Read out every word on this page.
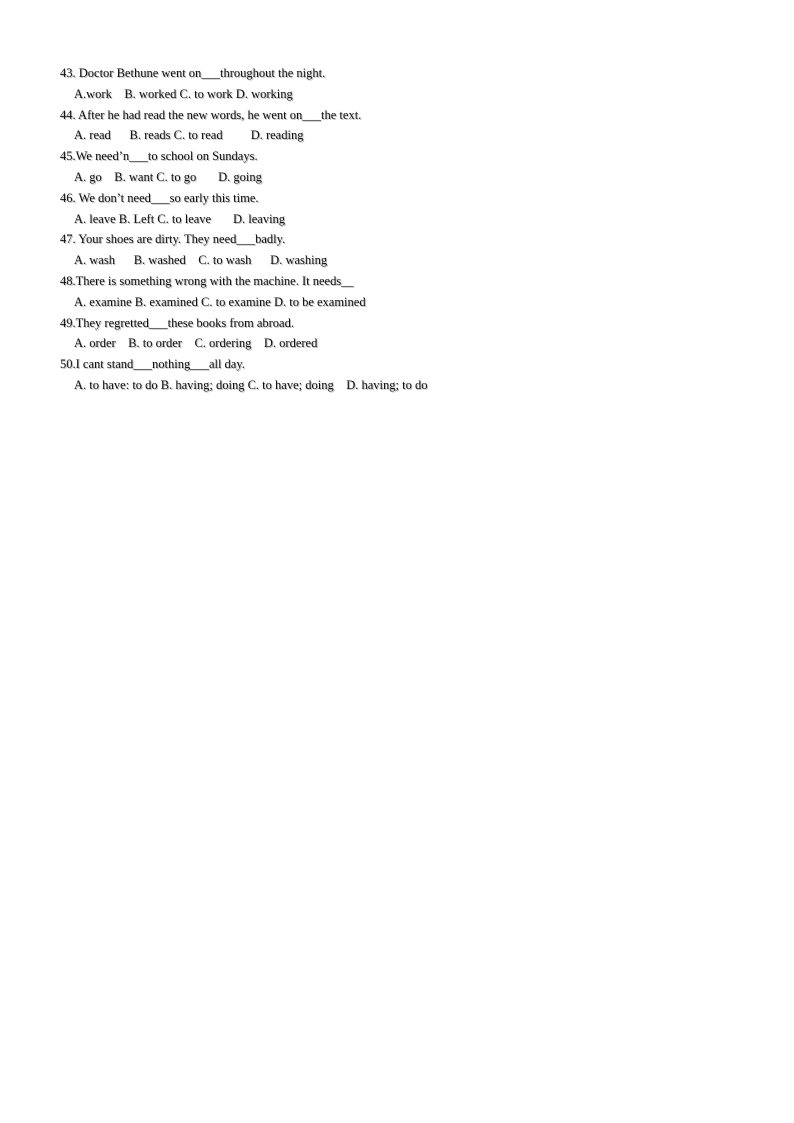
43. Doctor Bethune went on___throughout the night.
A.work    B. worked C. to work D. working
44. After he had read the new words, he went on___the text.
A. read      B. reads C. to read         D. reading
45.We need’n___to school on Sundays.
A. go    B. want C. to go       D. going
46. We don’t need___so early this time.
A. leave B. Left C. to leave       D. leaving
47. Your shoes are dirty. They need___badly.
A. wash      B. washed    C. to wash      D. washing
48.There is something wrong with the machine. It needs__
A. examine B. examined C. to examine D. to be examined
49.They regretted___these books from abroad.
A. order    B. to order    C. ordering    D. ordered
50.I cant stand___nothing___all day.
A. to have: to do B. having; doing C. to have; doing    D. having; to do
